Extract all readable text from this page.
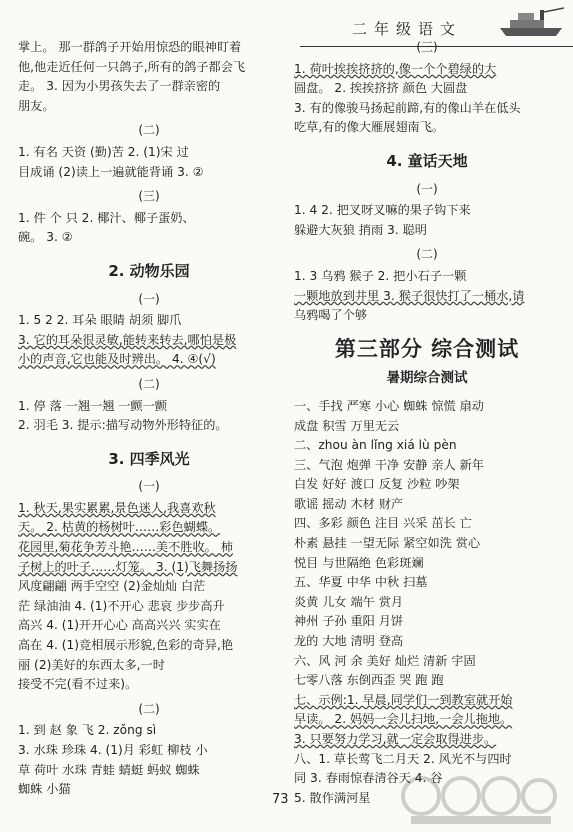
二年级语文
掌上。 那一群鸽子开始用惊恐的眼神盯着
他,他走近任何一只鸽子,所有的鸽子都会飞
走。 3. 因为小男孩失去了一群亲密的
朋友。
(二)
1. 有名 天资 (勤)苦 2. (1)宋 过
目成诵 (2)读上一遍就能背诵 3. ②
(三)
1. 件 个 只 2. 椰汁、椰子蛋奶、
碗。 3. ②
2. 动物乐园
(一)
1. 5 2 2. 耳朵 眼睛 胡须 脚爪
3. 它的耳朵很灵敏,能转来转去,哪怕是极
小的声音,它也能及时辨出。 4. ④(√)
(二)
1. 停 落 一翘一翘 一颤一颤
2. 羽毛 3. 提示:描写动物外形特征的。
3. 四季风光
(一)
1. 秋天,果实累累,景色迷人,我喜欢秋
天。 2. 枯黄的杨树叶……彩色蝴蝶。
花园里,菊花争芳斗艳……美不胜收。 柿
子树上的叶子……灯笼。 3. (1)飞舞扬扬
风度翩翩 两手空空 (2)金灿灿 白茫
茫 绿油油 4. (1)不开心 悲哀 步步高升
高兴 4. (1)开开心心 高高兴兴 实实在
高在 4. (1)竞相展示形貌,色彩的奇异,艳
丽 (2)美好的东西太多,一时
接受不完(看不过来)。
(二)
1. 到 赵 象 飞 2. zǒng sì
3. 水珠 珍珠 4. (1)月 彩虹 柳枝 小
草 荷叶 水珠 青蛙 蜻蜓 蚂蚁 蜘蛛
蜘蛛 小猫
(三)
1. 荷叶挨挨挤挤的,像一个个碧绿的大
圆盘。 2. 挨挨挤挤 颜色 大圆盘
3. 有的像骏马扬起前蹄,有的像山羊在低头
吃草,有的像大雁展翅南飞。
4. 童话天地
(一)
1. 4 2. 把叉呀叉嘛的果子钩下来
躲避大灰狼 捎雨 3. 聪明
(二)
1. 3 乌鸦 猴子 2. 把小石子一颗
一颗地放到井里 3. 猴子很快打了一桶水,请
乌鸦喝了个够
第三部分 综合测试
暑期综合测试
一、手找 严寒 小心 蜘蛛 惊慌 扇动
成盘 积雪 万里无云
二、zhou àn lǐng xiá lù pèn
三、气泡 炮弹 干净 安静 亲人 新年
白发 好好 渡口 反复 沙粒 吵架
歌谣 摇动 木材 财产
四、多彩 颜色 注目 兴采 茁长 亡
朴素 悬挂 一望无际 紧空如洗 赏心
悦目 与世隔绝 色彩斑斓
五、华夏 中华 中秋 扫墓
炎黄 儿女 端午 赏月
神州 子孙 重阳 月饼
龙的 大地 清明 登高
六、风 河 余 美好 灿烂 清新 宇固
七零八落 东倒西歪 哭 跑 跑
七、示例:1. 早晨,同学们一到教室就开始
早读。 2. 妈妈一会儿扫地,一会儿拖地。
3. 只要努力学习,就一定会取得进步。
八、1. 草长莺飞二月天 2. 风光不与四时
同 3. 春雨惊春清谷天 4. 谷
5. 散作满河星
73
